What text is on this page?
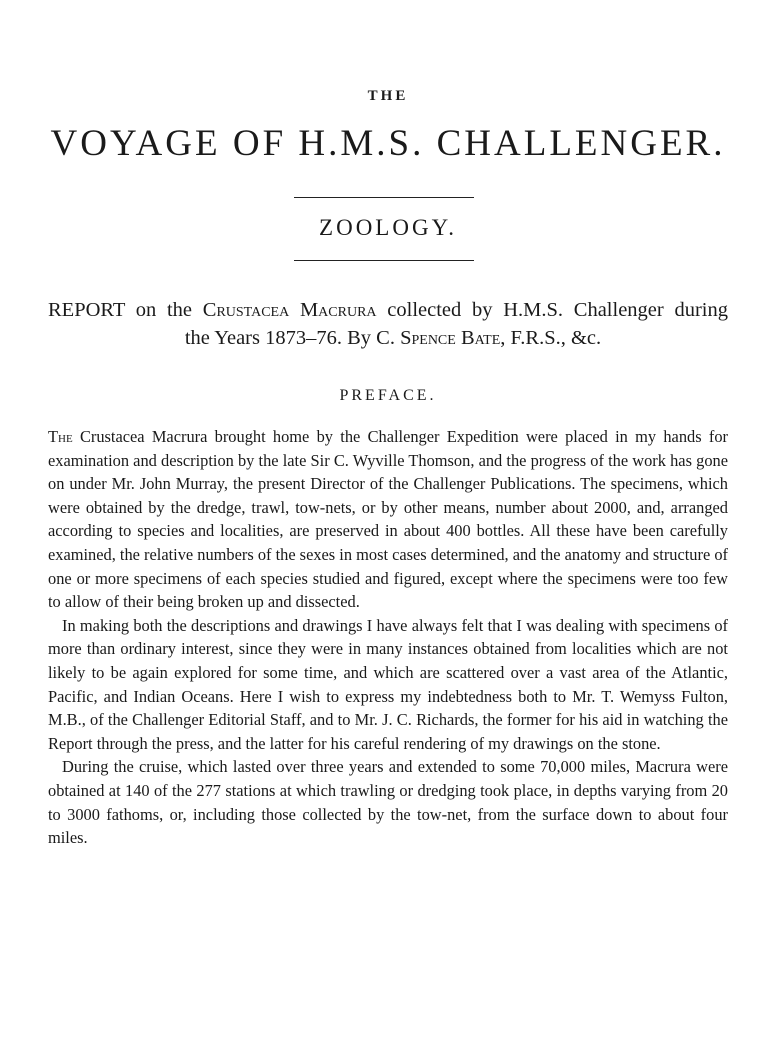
THE
VOYAGE OF H.M.S. CHALLENGER.
ZOOLOGY.
REPORT on the Crustacea Macrura collected by H.M.S. Challenger during
the Years 1873–76. By C. Spence Bate, F.R.S., &c.
PREFACE.

The Crustacea Macrura brought home by the Challenger Expedition were placed in my hands for examination and description by the late Sir C. Wyville Thomson, and the progress of the work has gone on under Mr. John Murray, the present Director of the Challenger Publications. The specimens, which were obtained by the dredge, trawl, tow-nets, or by other means, number about 2000, and, arranged according to species and localities, are preserved in about 400 bottles. All these have been carefully examined, the relative numbers of the sexes in most cases determined, and the anatomy and structure of one or more specimens of each species studied and figured, except where the specimens were too few to allow of their being broken up and dissected.

In making both the descriptions and drawings I have always felt that I was dealing with specimens of more than ordinary interest, since they were in many instances obtained from localities which are not likely to be again explored for some time, and which are scattered over a vast area of the Atlantic, Pacific, and Indian Oceans. Here I wish to express my indebtedness both to Mr. T. Wemyss Fulton, M.B., of the Challenger Editorial Staff, and to Mr. J. C. Richards, the former for his aid in watching the Report through the press, and the latter for his careful rendering of my drawings on the stone.

During the cruise, which lasted over three years and extended to some 70,000 miles, Macrura were obtained at 140 of the 277 stations at which trawling or dredging took place, in depths varying from 20 to 3000 fathoms, or, including those collected by the tow-net, from the surface down to about four miles.
